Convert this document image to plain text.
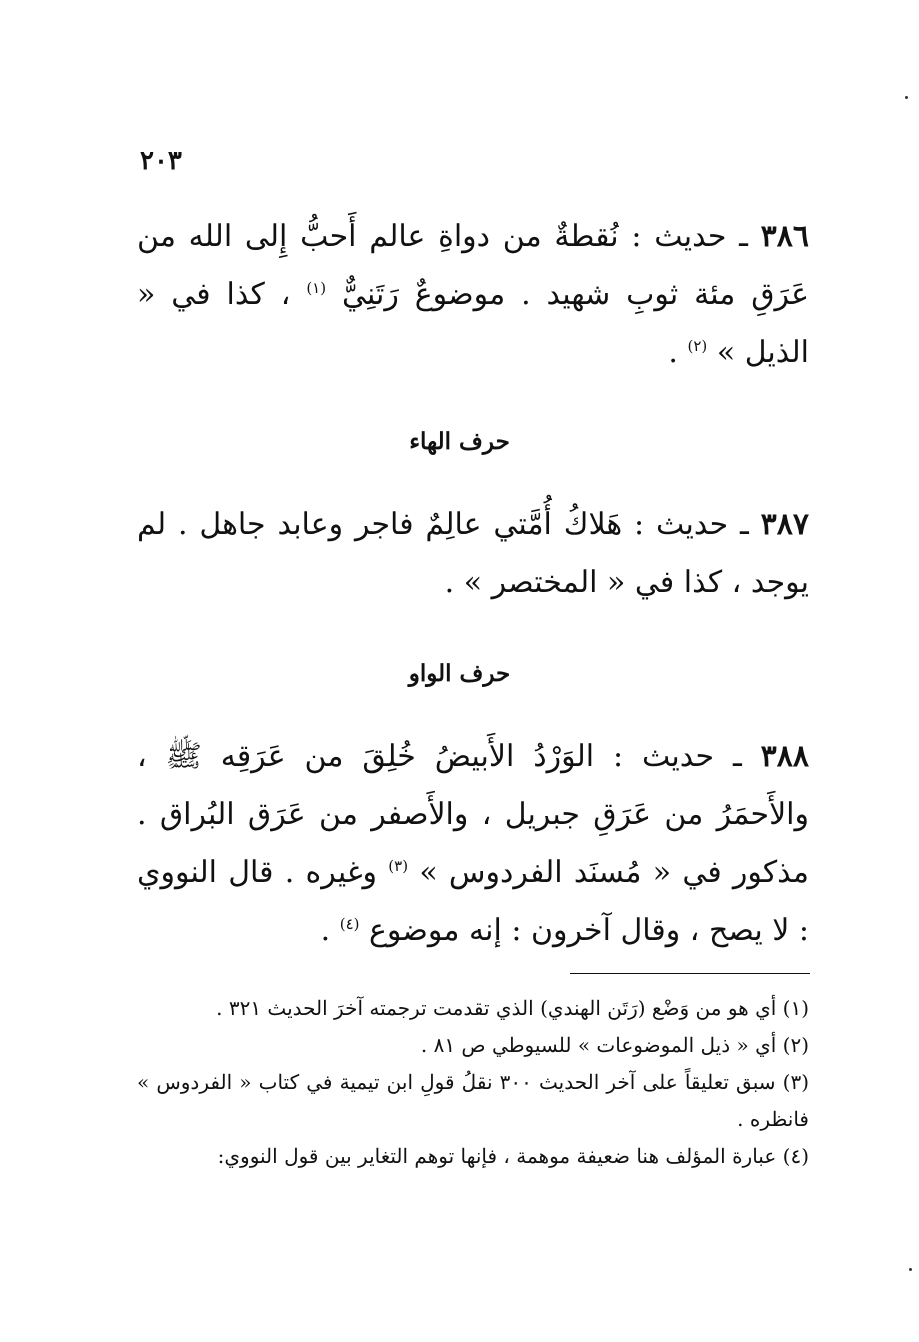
٢٠٣
٣٨٦ ـ حديث : نُقطةٌ من دواةِ عالم أَحبُّ إِلى الله من عَرَقِ مئة ثوبِ شهيد . موضوعٌ رَتَنِيٌّ $^{(١)}$ ، كذا في « الذيل » $^{(٢)}$ .
حرف الهاء
٣٨٧ ـ حديث : هَلاكُ أُمَّتي عالِمٌ فاجر وعابد جاهل . لم يوجد ، كذا في « المختصر » .
حرف الواو
٣٨٨ ـ حديث : الوَرْدُ الأَبيضُ خُلِقَ من عَرَقِه ﷺ ، والأَحمَرُ من عَرَقِ جبريل ، والأَصفر من عَرَق البُراق . مذكور في « مُسنَد الفردوس » $^{(٣)}$ وغيره . قال النووي : لا يصح ، وقال آخرون : إنه موضوع $^{(٤)}$ .

(١) أي هو من وَضْع (رَتَن الهندي) الذي تقدمت ترجمته آخرَ الحديث ٣٢١ .

(٢) أي « ذيل الموضوعات » للسيوطي ص ٨١ .

(٣) سبق تعليقاً على آخر الحديث ٣٠٠ نقلُ قولِ ابن تيمية في كتاب « الفردوس » فانظره .

(٤) عبارة المؤلف هنا ضعيفة موهمة ، فإنها توهم التغاير بين قول النووي:
